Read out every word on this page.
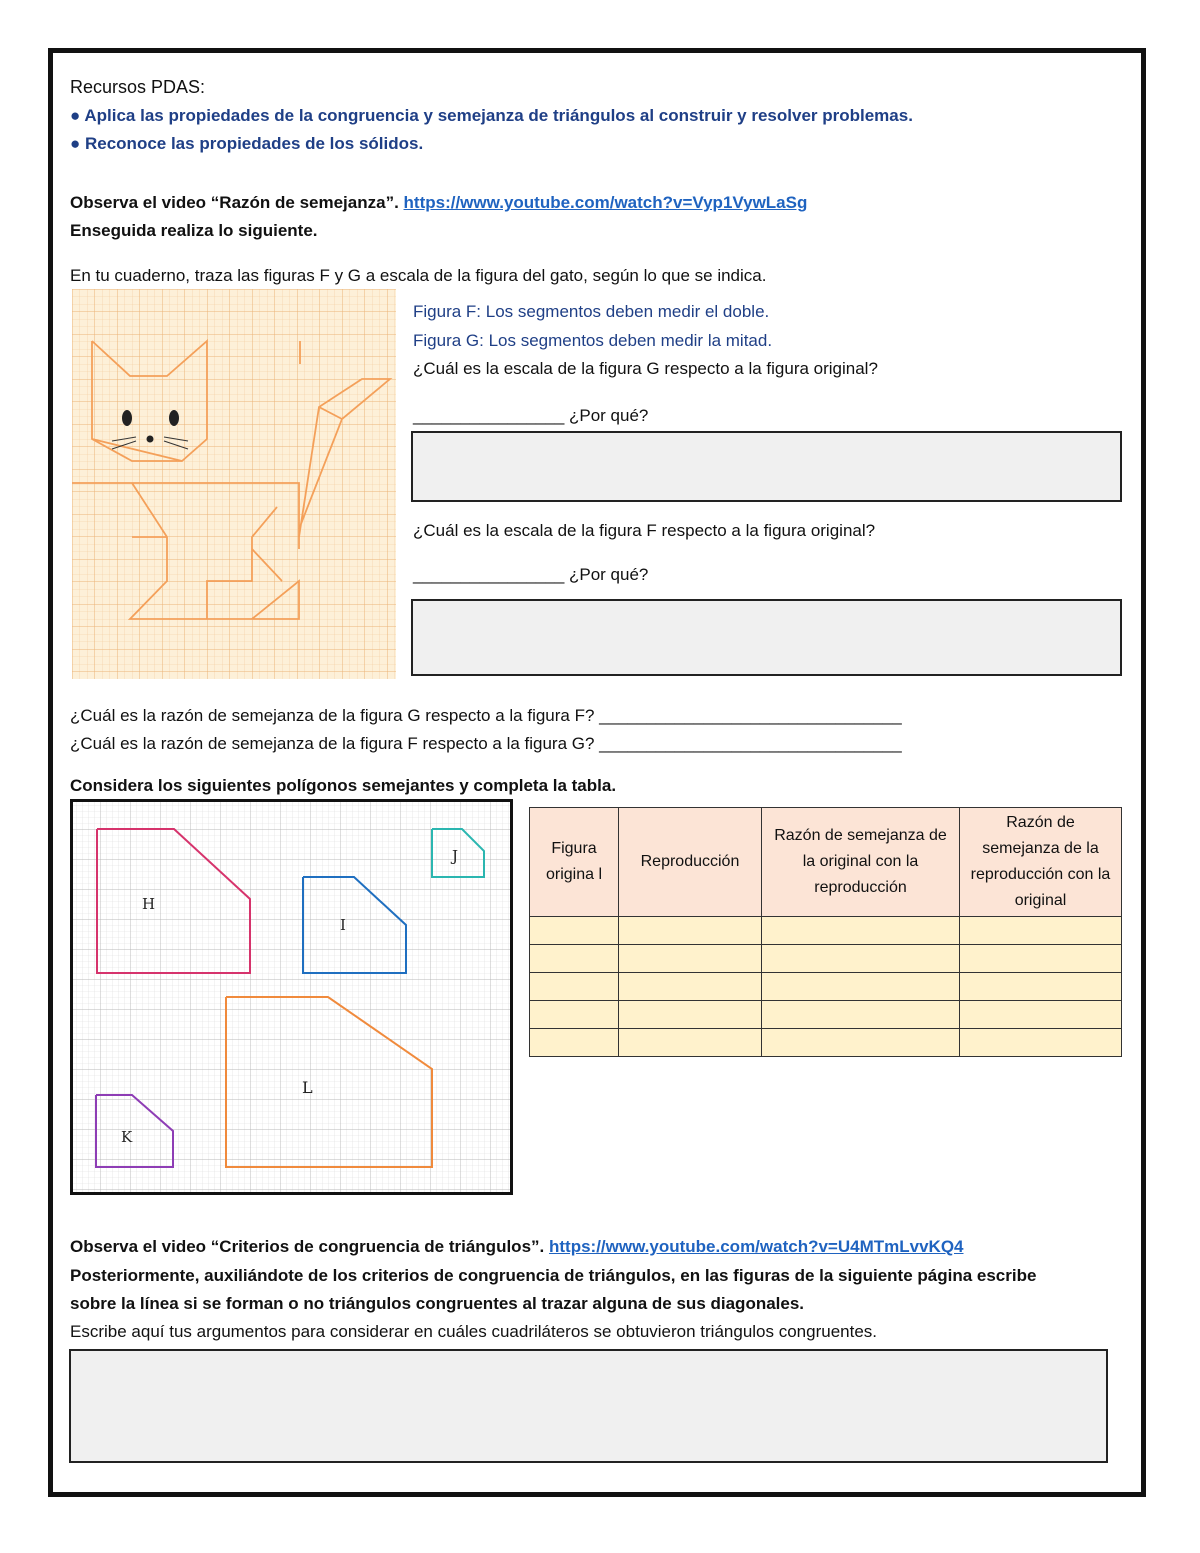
Recursos PDAS:
● Aplica las propiedades de la congruencia y semejanza de triángulos al construir y resolver problemas.
● Reconoce las propiedades de los sólidos.
Observa el video “Razón de semejanza”. https://www.youtube.com/watch?v=Vyp1VywLaSg
Enseguida realiza lo siguiente.
En tu cuaderno, traza las figuras F y G a escala de la figura del gato, según lo que se indica.
Figura F: Los segmentos deben medir el doble.
Figura G: Los segmentos deben medir la mitad.
¿Cuál es la escala de la figura G respecto a la figura original?
________________ ¿Por qué?
¿Cuál es la escala de la figura F respecto a la figura original?
________________ ¿Por qué?
¿Cuál es la razón de semejanza de la figura G respecto a la figura F? ________________________________
¿Cuál es la razón de semejanza de la figura F respecto a la figura G? ________________________________
Considera los siguientes polígonos semejantes y completa la tabla.
H
I
J
L
K
Figura origina l	Reproducción	Razón de semejanza de la original con la reproducción	Razón de semejanza de la reproducción con la original

Observa el video “Criterios de congruencia de triángulos”. https://www.youtube.com/watch?v=U4MTmLvvKQ4
Posteriormente, auxiliándote de los criterios de congruencia de triángulos, en las figuras de la siguiente página escribe
sobre la línea si se forman o no triángulos congruentes al trazar alguna de sus diagonales.
Escribe aquí tus argumentos para considerar en cuáles cuadriláteros se obtuvieron triángulos congruentes.
